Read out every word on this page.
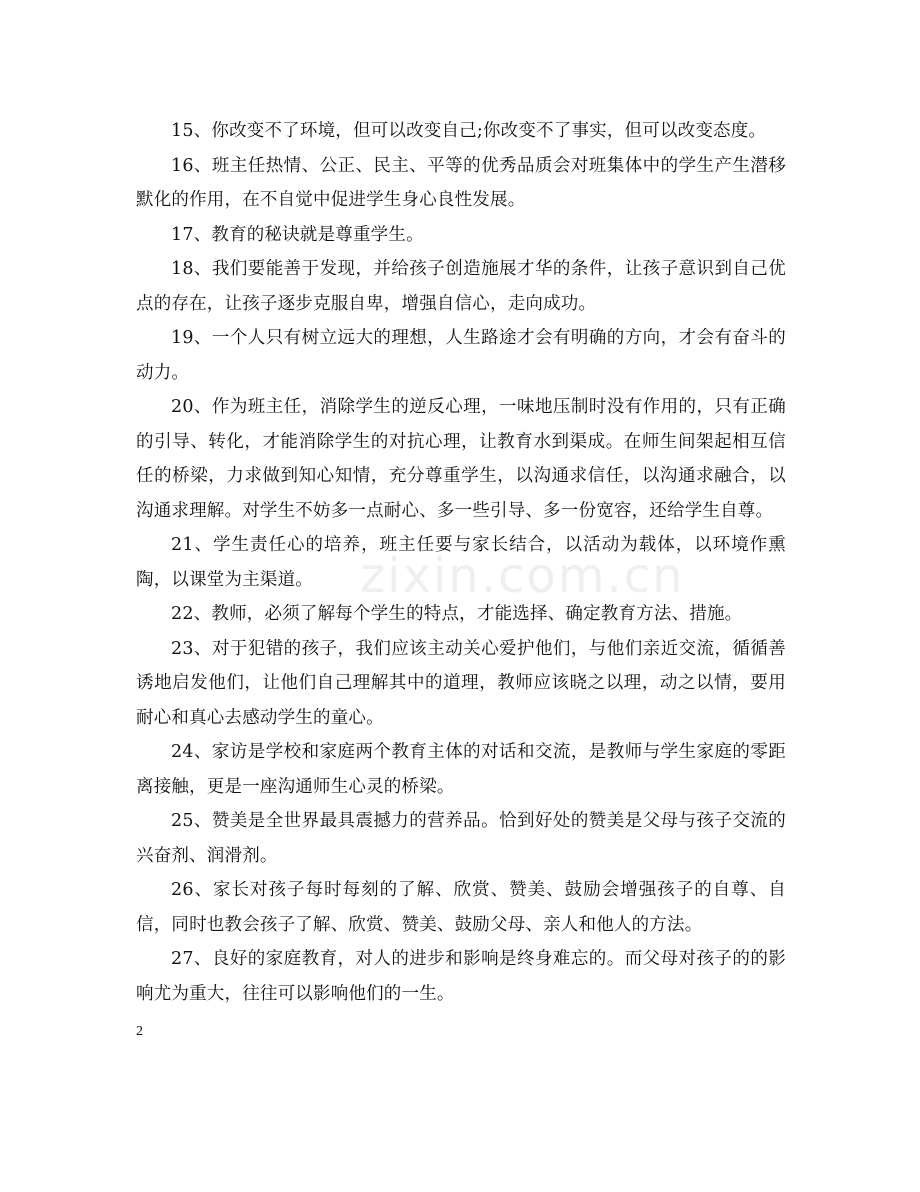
15、你改变不了环境，但可以改变自己;你改变不了事实，但可以改变态度。

16、班主任热情、公正、民主、平等的优秀品质会对班集体中的学生产生潜移默化的作用，在不自觉中促进学生身心良性发展。

17、教育的秘诀就是尊重学生。

18、我们要能善于发现，并给孩子创造施展才华的条件，让孩子意识到自己优点的存在，让孩子逐步克服自卑，增强自信心，走向成功。

19、一个人只有树立远大的理想，人生路途才会有明确的方向，才会有奋斗的动力。

20、作为班主任，消除学生的逆反心理，一味地压制时没有作用的，只有正确的引导、转化，才能消除学生的对抗心理，让教育水到渠成。在师生间架起相互信任的桥梁，力求做到知心知情，充分尊重学生，以沟通求信任，以沟通求融合，以沟通求理解。对学生不妨多一点耐心、多一些引导、多一份宽容，还给学生自尊。

21、学生责任心的培养，班主任要与家长结合，以活动为载体，以环境作熏陶，以课堂为主渠道。

22、教师，必须了解每个学生的特点，才能选择、确定教育方法、措施。

23、对于犯错的孩子，我们应该主动关心爱护他们，与他们亲近交流，循循善诱地启发他们，让他们自己理解其中的道理，教师应该晓之以理，动之以情，要用耐心和真心去感动学生的童心。

24、家访是学校和家庭两个教育主体的对话和交流，是教师与学生家庭的零距离接触，更是一座沟通师生心灵的桥梁。

25、赞美是全世界最具震撼力的营养品。恰到好处的赞美是父母与孩子交流的兴奋剂、润滑剂。

26、家长对孩子每时每刻的了解、欣赏、赞美、鼓励会增强孩子的自尊、自信，同时也教会孩子了解、欣赏、赞美、鼓励父母、亲人和他人的方法。

27、良好的家庭教育，对人的进步和影响是终身难忘的。而父母对孩子的的影响尤为重大，往往可以影响他们的一生。

zixin.com.cn
2
